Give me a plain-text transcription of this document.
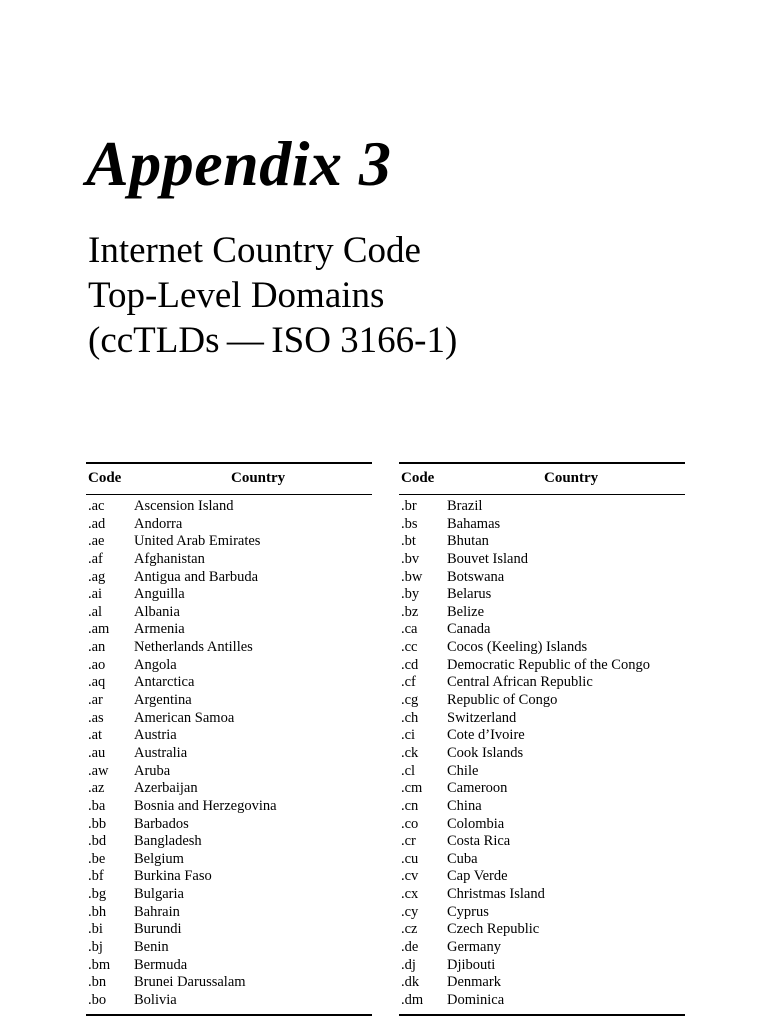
Appendix 3
Internet Country Code
Top-Level Domains
(ccTLDs — ISO 3166-1)
Code	Country
.ac Ascension Island
.ad Andorra
.ae United Arab Emirates
.af Afghanistan
.ag Antigua and Barbuda
.ai Anguilla
.al Albania
.am Armenia
.an Netherlands Antilles
.ao Angola
.aq Antarctica
.ar Argentina
.as American Samoa
.at Austria
.au Australia
.aw Aruba
.az Azerbaijan
.ba Bosnia and Herzegovina
.bb Barbados
.bd Bangladesh
.be Belgium
.bf Burkina Faso
.bg Bulgaria
.bh Bahrain
.bi Burundi
.bj Benin
.bm Bermuda
.bn Brunei Darussalam
.bo Bolivia
Code	Country
.br Brazil
.bs Bahamas
.bt Bhutan
.bv Bouvet Island
.bw Botswana
.by Belarus
.bz Belize
.ca Canada
.cc Cocos (Keeling) Islands
.cd Democratic Republic of the Congo
.cf Central African Republic
.cg Republic of Congo
.ch Switzerland
.ci Cote d’Ivoire
.ck Cook Islands
.cl Chile
.cm Cameroon
.cn China
.co Colombia
.cr Costa Rica
.cu Cuba
.cv Cap Verde
.cx Christmas Island
.cy Cyprus
.cz Czech Republic
.de Germany
.dj Djibouti
.dk Denmark
.dm Dominica
